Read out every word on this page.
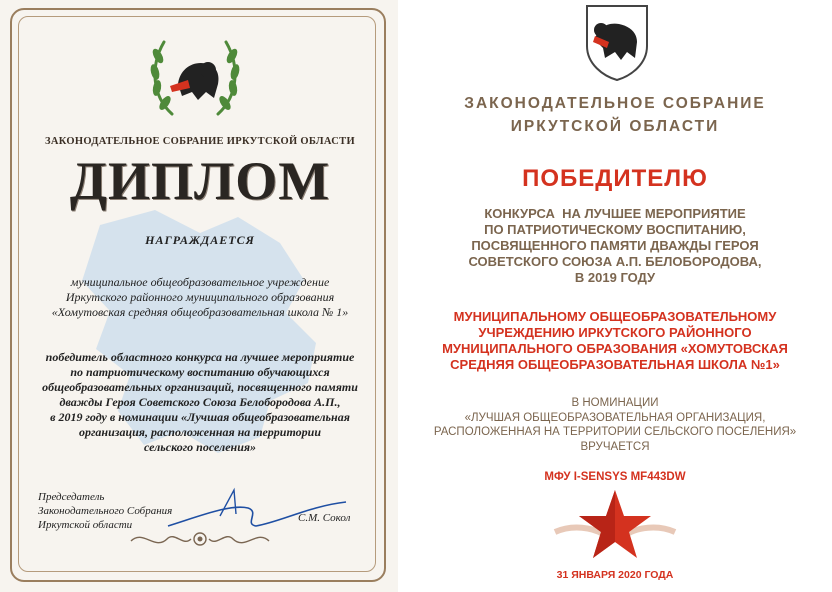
ЗАКОНОДАТЕЛЬНОЕ СОБРАНИЕ ИРКУТСКОЙ ОБЛАСТИ
ДИПЛОМ
НАГРАЖДАЕТСЯ
муниципальное общеобразовательное учреждение
Иркутского районного муниципального образования
«Хомутовская средняя общеобразовательная школа № 1»
победитель областного конкурса на лучшее мероприятие
по патриотическому воспитанию обучающихся
общеобразовательных организаций, посвященного памяти
дважды Героя Советского Союза Белобородова А.П.,
в 2019 году в номинации «Лучшая общеобразовательная
организация, расположенная на территории
сельского поселения»
Председатель
Законодательного Собрания
Иркутской области
С.М. Сокол
ЗАКОНОДАТЕЛЬНОЕ СОБРАНИЕ
ИРКУТСКОЙ ОБЛАСТИ
ПОБЕДИТЕЛЮ
КОНКУРСА  НА ЛУЧШЕЕ МЕРОПРИЯТИЕ
ПО ПАТРИОТИЧЕСКОМУ ВОСПИТАНИЮ,
ПОСВЯЩЕННОГО ПАМЯТИ ДВАЖДЫ ГЕРОЯ
СОВЕТСКОГО СОЮЗА А.П. БЕЛОБОРОДОВА,
В 2019 ГОДУ
МУНИЦИПАЛЬНОМУ ОБЩЕОБРАЗОВАТЕЛЬНОМУ
УЧРЕЖДЕНИЮ ИРКУТСКОГО РАЙОННОГО
МУНИЦИПАЛЬНОГО ОБРАЗОВАНИЯ «ХОМУТОВСКАЯ
СРЕДНЯЯ ОБЩЕОБРАЗОВАТЕЛЬНАЯ ШКОЛА №1»
В НОМИНАЦИИ
«ЛУЧШАЯ ОБЩЕОБРАЗОВАТЕЛЬНАЯ ОРГАНИЗАЦИЯ,
РАСПОЛОЖЕННАЯ НА ТЕРРИТОРИИ СЕЛЬСКОГО ПОСЕЛЕНИЯ»
ВРУЧАЕТСЯ
МФУ I-SENSYS MF443DW
31 ЯНВАРЯ 2020 ГОДА
